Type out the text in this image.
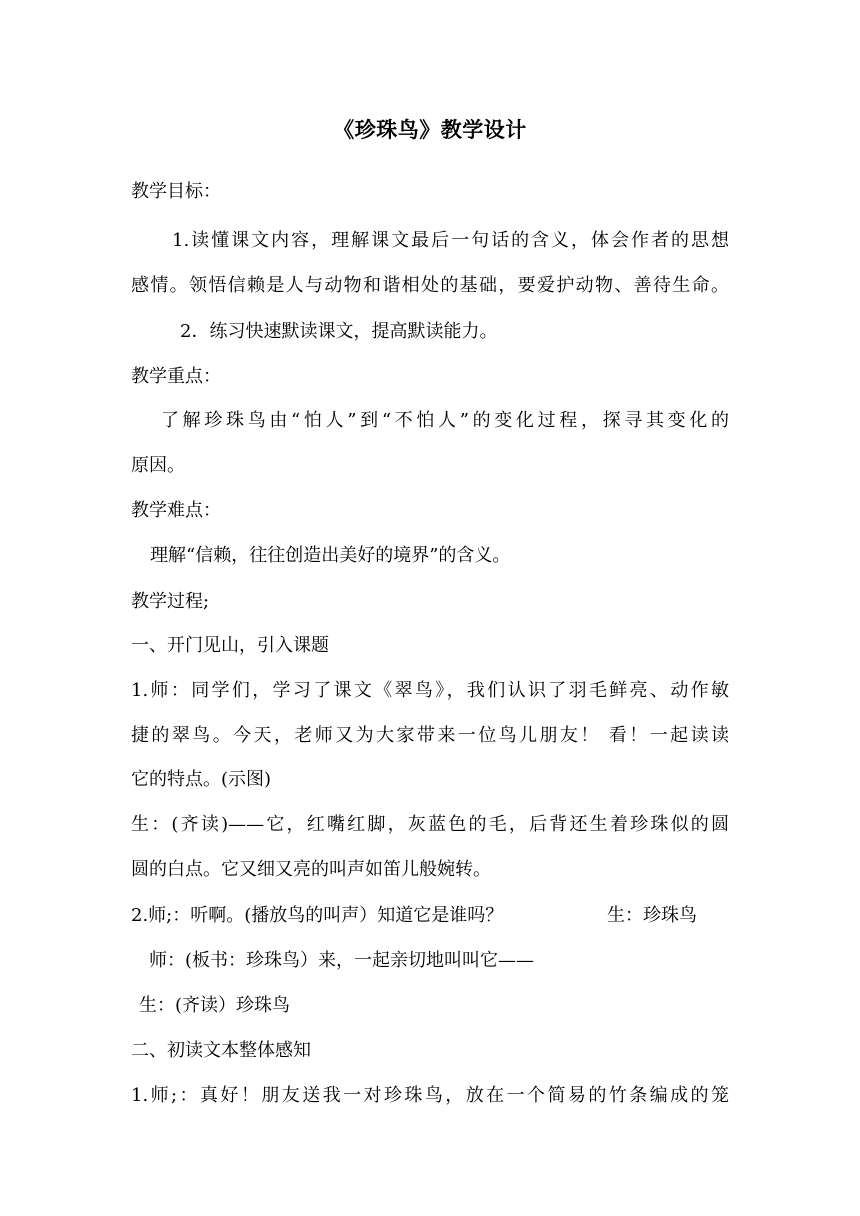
《珍珠鸟》教学设计
教学目标：
1.读懂课文内容，理解课文最后一句话的含义，体会作者的思想
感情。领悟信赖是人与动物和谐相处的基础，要爱护动物、善待生命。
2．练习快速默读课文，提高默读能力。
教学重点：
了解珍珠鸟由“怕人”到“不怕人”的变化过程，探寻其变化的
原因。
教学难点：
理解“信赖，往往创造出美好的境界”的含义。
教学过程;
一、开门见山，引入课题
1.师：同学们，学习了课文《翠鸟》，我们认识了羽毛鲜亮、动作敏
捷的翠鸟。今天，老师又为大家带来一位鸟儿朋友！ 看！一起读读
它的特点。(示图)
生：(齐读)——它，红嘴红脚，灰蓝色的毛，后背还生着珍珠似的圆
圆的白点。它又细又亮的叫声如笛儿般婉转。
2.师;：听啊。(播放鸟的叫声）知道它是谁吗？	生：珍珠鸟
师：(板书：珍珠鸟）来，一起亲切地叫叫它——
生：(齐读）珍珠鸟
二、初读文本整体感知
1.师;：真好！朋友送我一对珍珠鸟，放在一个简易的竹条编成的笼
